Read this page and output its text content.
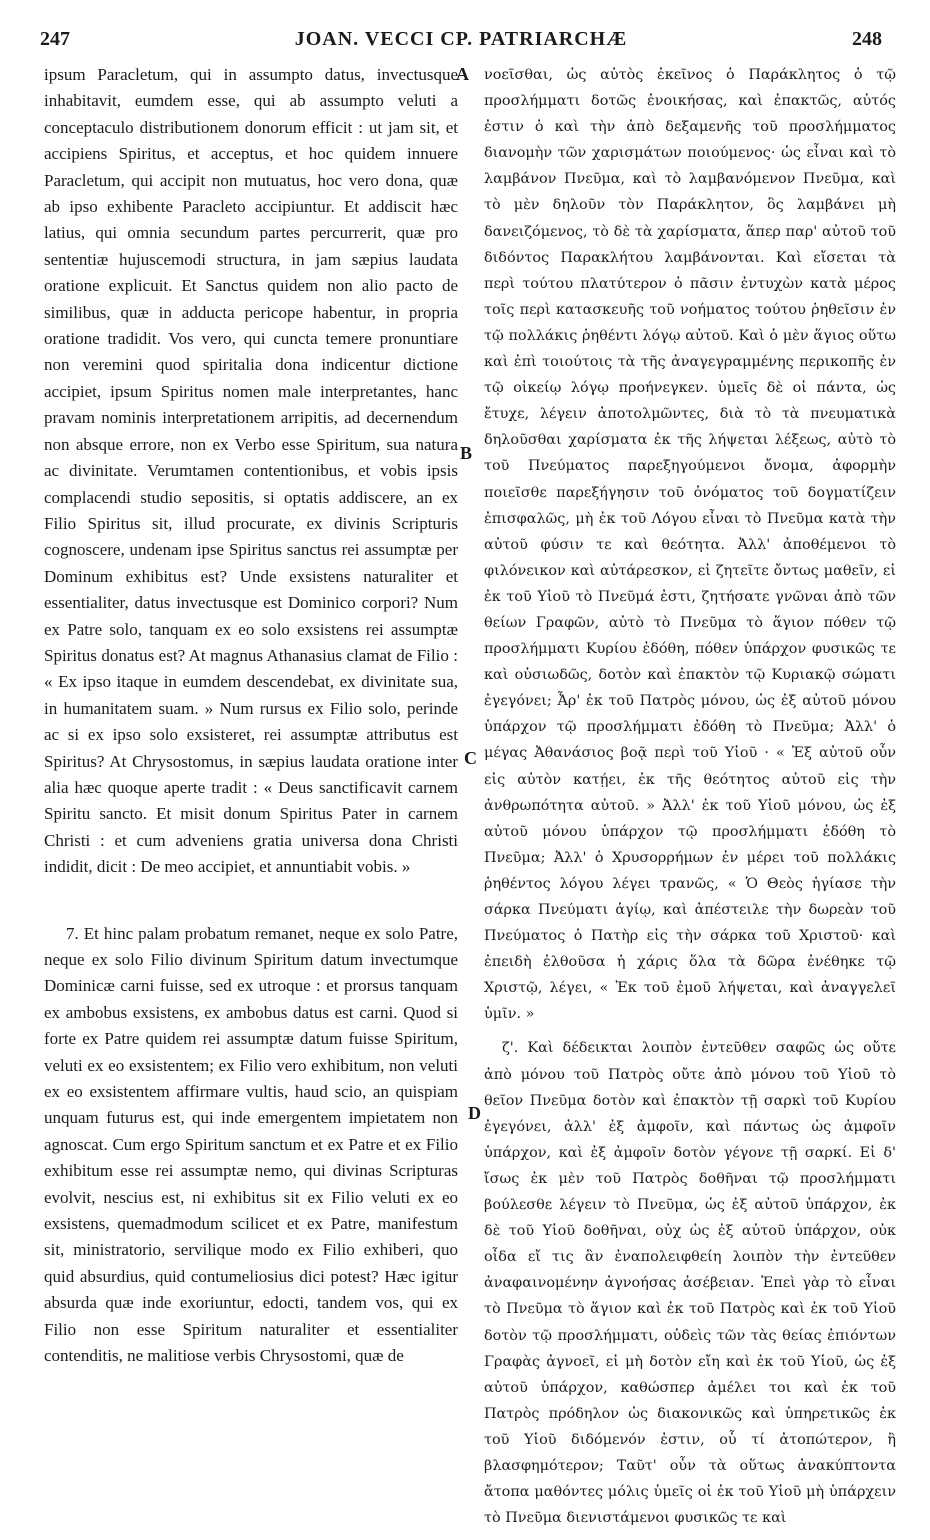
247	JOAN. VECCI CP. PATRIARCHÆ	248

ipsum Paracletum, qui in assumpto datus, invectusque inhabitavit, eumdem esse, qui ab assumpto veluti a conceptaculo distributionem donorum efficit : ut jam sit, et accipiens Spiritus, et acceptus, et hoc quidem innuere Paracletum, qui accipit non mutuatus, hoc vero dona, quæ ab ipso exhibente Paracleto accipiuntur. Et addiscit hæc latius, qui omnia secundum partes percurrerit, quæ pro sententiæ hujuscemodi structura, in jam sæpius laudata oratione explicuit. Et Sanctus quidem non alio pacto de similibus, quæ in adducta pericope habentur, in propria oratione tradidit. Vos vero, qui cuncta temere pronuntiare non veremini quod spiritalia dona indicentur dictione accipiet, ipsum Spiritus nomen male interpretantes, hanc pravam nominis interpretationem arripitis, ad decernendum non absque errore, non ex Verbo esse Spiritum, sua natura ac divinitate. Verumtamen contentionibus, et vobis ipsis complacendi studio sepositis, si optatis addiscere, an ex Filio Spiritus sit, illud procurate, ex divinis Scripturis cognoscere, undenam ipse Spiritus sanctus rei assumptæ per Dominum exhibitus est? Unde exsistens naturaliter et essentialiter, datus invectusque est Dominico corpori? Num ex Patre solo, tanquam ex eo solo exsistens rei assumptæ Spiritus donatus est? At magnus Athanasius clamat de Filio : « Ex ipso itaque in eumdem descendebat, ex divinitate sua, in humanitatem suam. » Num rursus ex Filio solo, perinde ac si ex ipso solo exsisteret, rei assumptæ attributus est Spiritus? At Chrysostomus, in sæpius laudata oratione inter alia hæc quoque aperte tradit : « Deus sanctificavit carnem Spiritu sancto. Et misit donum Spiritus Pater in carnem Christi : et cum adveniens gratia universa dona Christi indidit, dicit : De meo accipiet, et annuntiabit vobis. »

7. Et hinc palam probatum remanet, neque ex solo Patre, neque ex solo Filio divinum Spiritum datum invectumque Dominicæ carni fuisse, sed ex utroque : et prorsus tanquam ex ambobus exsistens, ex ambobus datus est carni. Quod si forte ex Patre quidem rei assumptæ datum fuisse Spiritum, veluti ex eo exsistentem; ex Filio vero exhibitum, non veluti ex eo exsistentem affirmare vultis, haud scio, an quispiam unquam futurus est, qui inde emergentem impietatem non agnoscat. Cum ergo Spiritum sanctum et ex Patre et ex Filio exhibitum esse rei assumptæ nemo, qui divinas Scripturas evolvit, nescius est, ni exhibitus sit ex Filio veluti ex eo exsistens, quemadmodum scilicet et ex Patre, manifestum sit, ministratorio, servilique modo ex Filio exhiberi, quo quid absurdius, quid contumeliosius dici potest? Hæc igitur absurda quæ inde exoriuntur, edocti, tandem vos, qui ex Filio non esse Spiritum naturaliter et essentialiter contenditis, ne malitiose verbis Chrysostomi, quæ de

A
B
C
D

νοεῖσθαι, ὡς αὐτὸς ἐκεῖνος ὁ Παράκλητος ὁ τῷ προσλήμματι δοτῶς ἐνοικήσας, καὶ ἐπακτῶς, αὐτός ἐστιν ὁ καὶ τὴν ἀπὸ δεξαμενῆς τοῦ προσλήμματος διανομὴν τῶν χαρισμάτων ποιούμενος· ὡς εἶναι καὶ τὸ λαμβάνον Πνεῦμα, καὶ τὸ λαμβανόμενον Πνεῦμα, καὶ τὸ μὲν δηλοῦν τὸν Παράκλητον, ὃς λαμβάνει μὴ δανειζόμενος, τὸ δὲ τὰ χαρίσματα, ἅπερ παρ' αὐτοῦ τοῦ διδόντος Παρακλήτου λαμβάνονται. Καὶ εἴσεται τὰ περὶ τούτου πλατύτερον ὁ πᾶσιν ἐντυχὼν κατὰ μέρος τοῖς περὶ κατασκευῆς τοῦ νοήματος τούτου ῥηθεῖσιν ἐν τῷ πολλάκις ῥηθέντι λόγῳ αὐτοῦ. Καὶ ὁ μὲν ἅγιος οὕτω καὶ ἐπὶ τοιούτοις τὰ τῆς ἀναγεγραμμένης περικοπῆς ἐν τῷ οἰκείῳ λόγῳ προήνεγκεν. ὑμεῖς δὲ οἱ πάντα, ὡς ἔτυχε, λέγειν ἀποτολμῶντες, διὰ τὸ τὰ πνευματικὰ δηλοῦσθαι χαρίσματα ἐκ τῆς λήψεται λέξεως, αὐτὸ τὸ τοῦ Πνεύματος παρεξηγούμενοι ὄνομα, ἀφορμὴν ποιεῖσθε παρεξήγησιν τοῦ ὀνόματος τοῦ δογματίζειν ἐπισφαλῶς, μὴ ἐκ τοῦ Λόγου εἶναι τὸ Πνεῦμα κατὰ τὴν αὐτοῦ φύσιν τε καὶ θεότητα. Ἀλλ' ἀποθέμενοι τὸ φιλόνεικον καὶ αὐτάρεσκον, εἰ ζητεῖτε ὄντως μαθεῖν, εἰ ἐκ τοῦ Υἱοῦ τὸ Πνεῦμά ἐστι, ζητήσατε γνῶναι ἀπὸ τῶν θείων Γραφῶν, αὐτὸ τὸ Πνεῦμα τὸ ἅγιον πόθεν τῷ προσλήμματι Κυρίου ἐδόθη, πόθεν ὑπάρχον φυσικῶς τε καὶ οὐσιωδῶς, δοτὸν καὶ ἐπακτὸν τῷ Κυριακῷ σώματι ἐγεγόνει; Ἆρ' ἐκ τοῦ Πατρὸς μόνου, ὡς ἐξ αὐτοῦ μόνου ὑπάρχον τῷ προσλήμματι ἐδόθη τὸ Πνεῦμα; Ἀλλ' ὁ μέγας Ἀθανάσιος βοᾷ περὶ τοῦ Υἱοῦ · « Ἐξ αὐτοῦ οὖν εἰς αὐτὸν κατῄει, ἐκ τῆς θεότητος αὐτοῦ εἰς τὴν ἀνθρωπότητα αὐτοῦ. » Ἀλλ' ἐκ τοῦ Υἱοῦ μόνου, ὡς ἐξ αὐτοῦ μόνου ὑπάρχον τῷ προσλήμματι ἐδόθη τὸ Πνεῦμα; Ἀλλ' ὁ Χρυσορρήμων ἐν μέρει τοῦ πολλάκις ῥηθέντος λόγου λέγει τρανῶς, « Ὁ Θεὸς ἡγίασε τὴν σάρκα Πνεύματι ἁγίῳ, καὶ ἀπέστειλε τὴν δωρεὰν τοῦ Πνεύματος ὁ Πατὴρ εἰς τὴν σάρκα τοῦ Χριστοῦ· καὶ ἐπειδὴ ἐλθοῦσα ἡ χάρις ὅλα τὰ δῶρα ἐνέθηκε τῷ Χριστῷ, λέγει, « Ἐκ τοῦ ἐμοῦ λήψεται, καὶ ἀναγγελεῖ ὑμῖν. »

ζ'. Καὶ δέδεικται λοιπὸν ἐντεῦθεν σαφῶς ὡς οὔτε ἀπὸ μόνου τοῦ Πατρὸς οὔτε ἀπὸ μόνου τοῦ Υἱοῦ τὸ θεῖον Πνεῦμα δοτὸν καὶ ἐπακτὸν τῇ σαρκὶ τοῦ Κυρίου ἐγεγόνει, ἀλλ' ἐξ ἀμφοῖν, καὶ πάντως ὡς ἀμφοῖν ὑπάρχον, καὶ ἐξ ἀμφοῖν δοτὸν γέγονε τῇ σαρκί. Εἰ δ' ἴσως ἐκ μὲν τοῦ Πατρὸς δοθῆναι τῷ προσλήμματι βούλεσθε λέγειν τὸ Πνεῦμα, ὡς ἐξ αὐτοῦ ὑπάρχον, ἐκ δὲ τοῦ Υἱοῦ δοθῆναι, οὐχ ὡς ἐξ αὐτοῦ ὑπάρχον, οὐκ οἶδα εἴ τις ἂν ἐναπολειφθείη λοιπὸν τὴν ἐντεῦθεν ἀναφαινομένην ἀγνοήσας ἀσέβειαν. Ἐπεὶ γὰρ τὸ εἶναι τὸ Πνεῦμα τὸ ἅγιον καὶ ἐκ τοῦ Πατρὸς καὶ ἐκ τοῦ Υἱοῦ δοτὸν τῷ προσλήμματι, οὐδεὶς τῶν τὰς θείας ἐπιόντων Γραφὰς ἀγνοεῖ, εἰ μὴ δοτὸν εἴη καὶ ἐκ τοῦ Υἱοῦ, ὡς ἐξ αὐτοῦ ὑπάρχον, καθώσπερ ἀμέλει τοι καὶ ἐκ τοῦ Πατρὸς πρόδηλον ὡς διακονικῶς καὶ ὑπηρετικῶς ἐκ τοῦ Υἱοῦ διδόμενόν ἐστιν, οὗ τί ἀτοπώτερον, ἢ βλασφημότερον; Ταῦτ' οὖν τὰ οὕτως ἀνακύπτοντα ἄτοπα μαθόντες μόλις ὑμεῖς οἱ ἐκ τοῦ Υἱοῦ μὴ ὑπάρχειν τὸ Πνεῦμα διενιστάμενοι φυσικῶς τε καὶ
